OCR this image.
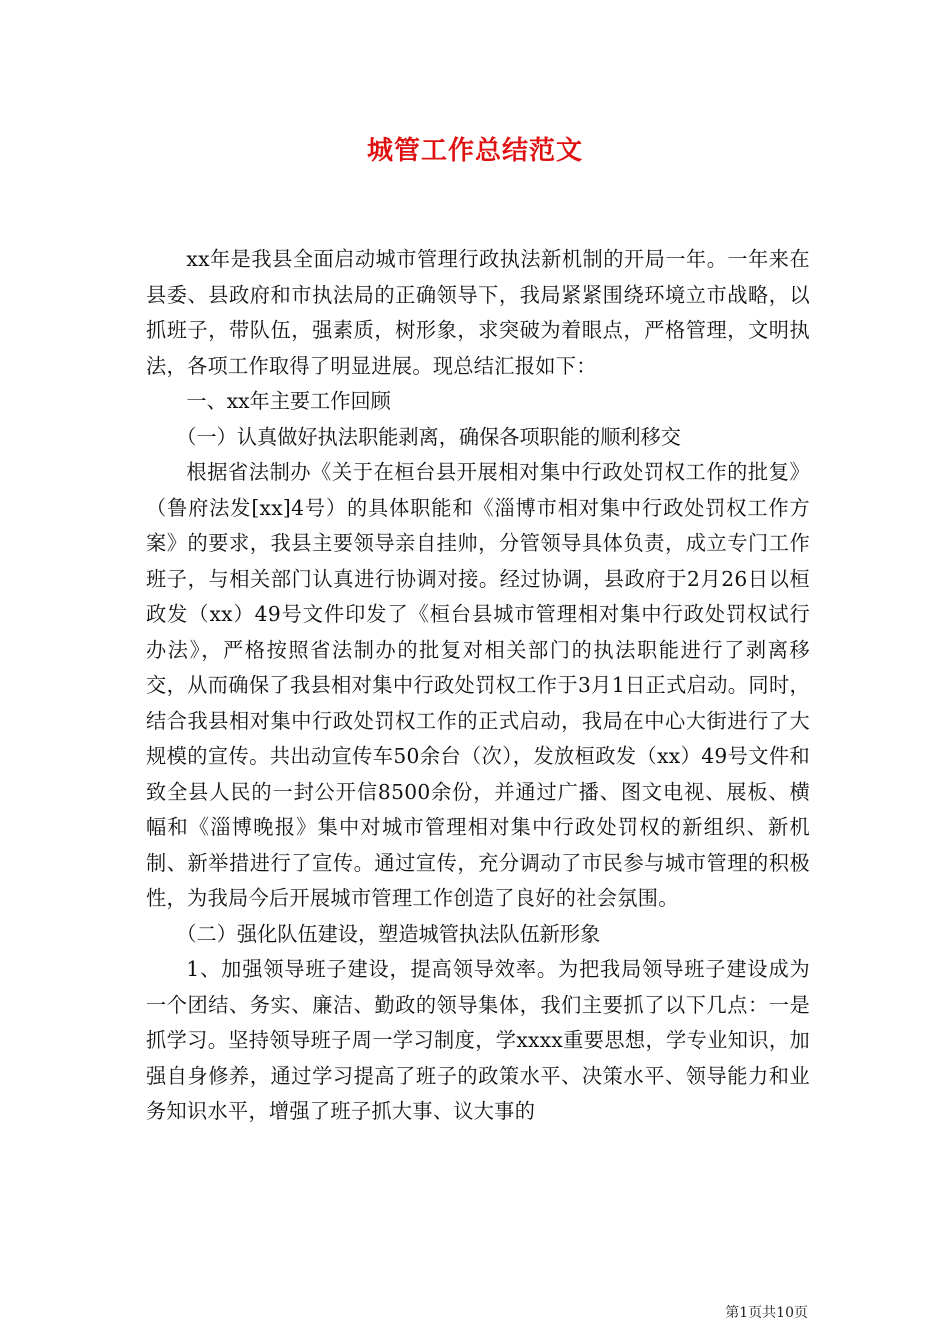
城管工作总结范文

xx年是我县全面启动城市管理行政执法新机制的开局一年。一年来在县委、县政府和市执法局的正确领导下，我局紧紧围绕环境立市战略，以抓班子，带队伍，强素质，树形象，求突破为着眼点，严格管理，文明执法，各项工作取得了明显进展。现总结汇报如下：

一、xx年主要工作回顾

（一）认真做好执法职能剥离，确保各项职能的顺利移交

根据省法制办《关于在桓台县开展相对集中行政处罚权工作的批复》（鲁府法发[xx]4号）的具体职能和《淄博市相对集中行政处罚权工作方案》的要求，我县主要领导亲自挂帅，分管领导具体负责，成立专门工作班子，与相关部门认真进行协调对接。经过协调，县政府于2月26日以桓政发（xx）49号文件印发了《桓台县城市管理相对集中行政处罚权试行办法》，严格按照省法制办的批复对相关部门的执法职能进行了剥离移交，从而确保了我县相对集中行政处罚权工作于3月1日正式启动。同时，结合我县相对集中行政处罚权工作的正式启动，我局在中心大街进行了大规模的宣传。共出动宣传车50余台（次），发放桓政发（xx）49号文件和致全县人民的一封公开信8500余份，并通过广播、图文电视、展板、横幅和《淄博晚报》集中对城市管理相对集中行政处罚权的新组织、新机制、新举措进行了宣传。通过宣传，充分调动了市民参与城市管理的积极性，为我局今后开展城市管理工作创造了良好的社会氛围。

（二）强化队伍建设，塑造城管执法队伍新形象

1、加强领导班子建设，提高领导效率。为把我局领导班子建设成为一个团结、务实、廉洁、勤政的领导集体，我们主要抓了以下几点：一是抓学习。坚持领导班子周一学习制度，学xxxx重要思想，学专业知识，加强自身修养，通过学习提高了班子的政策水平、决策水平、领导能力和业务知识水平，增强了班子抓大事、议大事的

第1页共10页
